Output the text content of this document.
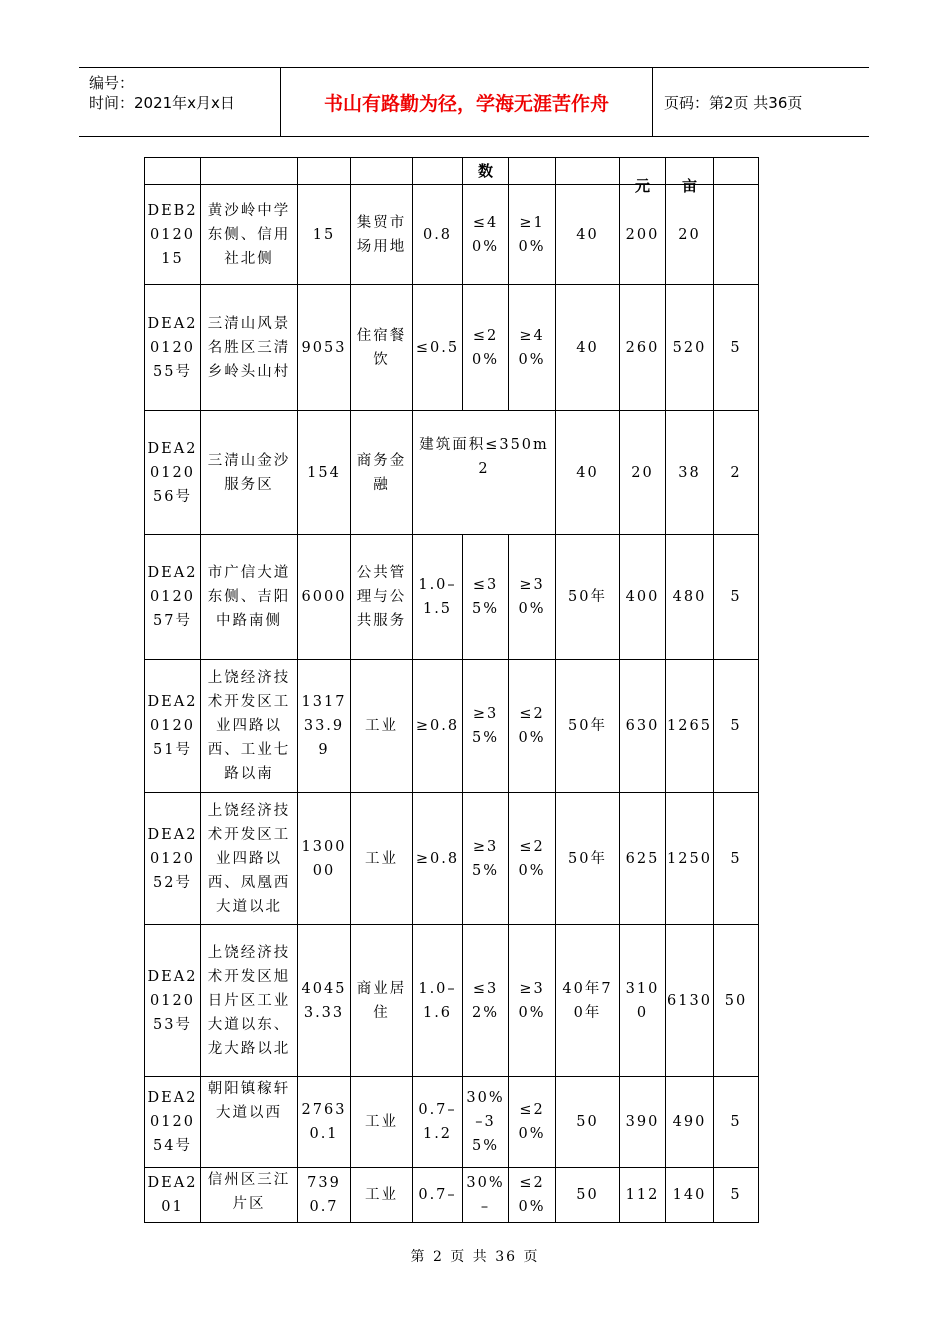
编号：
时间：2021年x月x日	书山有路勤为径，学海无涯苦作舟	页码：第2页 共36页

					数			元	亩	

DEB201​201​5	黄沙岭中学东侧、信用社北侧	15	集贸市场用地	0.8	≤40%	≥10%	40	200	20	
DEA2​012​055号	三清山风景名胜区三清乡岭头山村	9053	住宿餐饮	≤0.5	≤20%	≥40%	40	260	520	5
DEA20​120​56号	三清山金沙服务区	154	商务金融	建筑面积≤350m2			40	20	38	2
DEA2​012​057号	市广信大道东侧、吉阳中路南侧	6000	公共管理与公共服务	1.0–1.5	≤35%	≥30%	50年	400	480	5
DEA201​205​1号	上饶经济技术开发区工业四路以西、工业七路以南	131733.99	工业	≥0.8	≥35%	≤20%	50年	630	1265	5
DEA201​205​2号	上饶经济技术开发区工业四路以西、凤凰西大道以北	130000	工业	≥0.8	≥35%	≤20%	50年	625	1250	5
DEA201​205​3号	上饶经济技术开发区旭日片区工业大道以东、龙大路以北	40453.33	商业居住	1.0–1.6	≤32%	≥30%	40年70年	3100	6130	50
DEA201​205​4号	朝阳镇稼轩大道以西	27630.1	工业	0.7–1.2	30%–35%	≤20%	50	390	490	5
DEA201	信州区三江片区	7390.7	工业	0.7–	30%–	≤20%	50	112	140	5
第 2 页 共 36 页
